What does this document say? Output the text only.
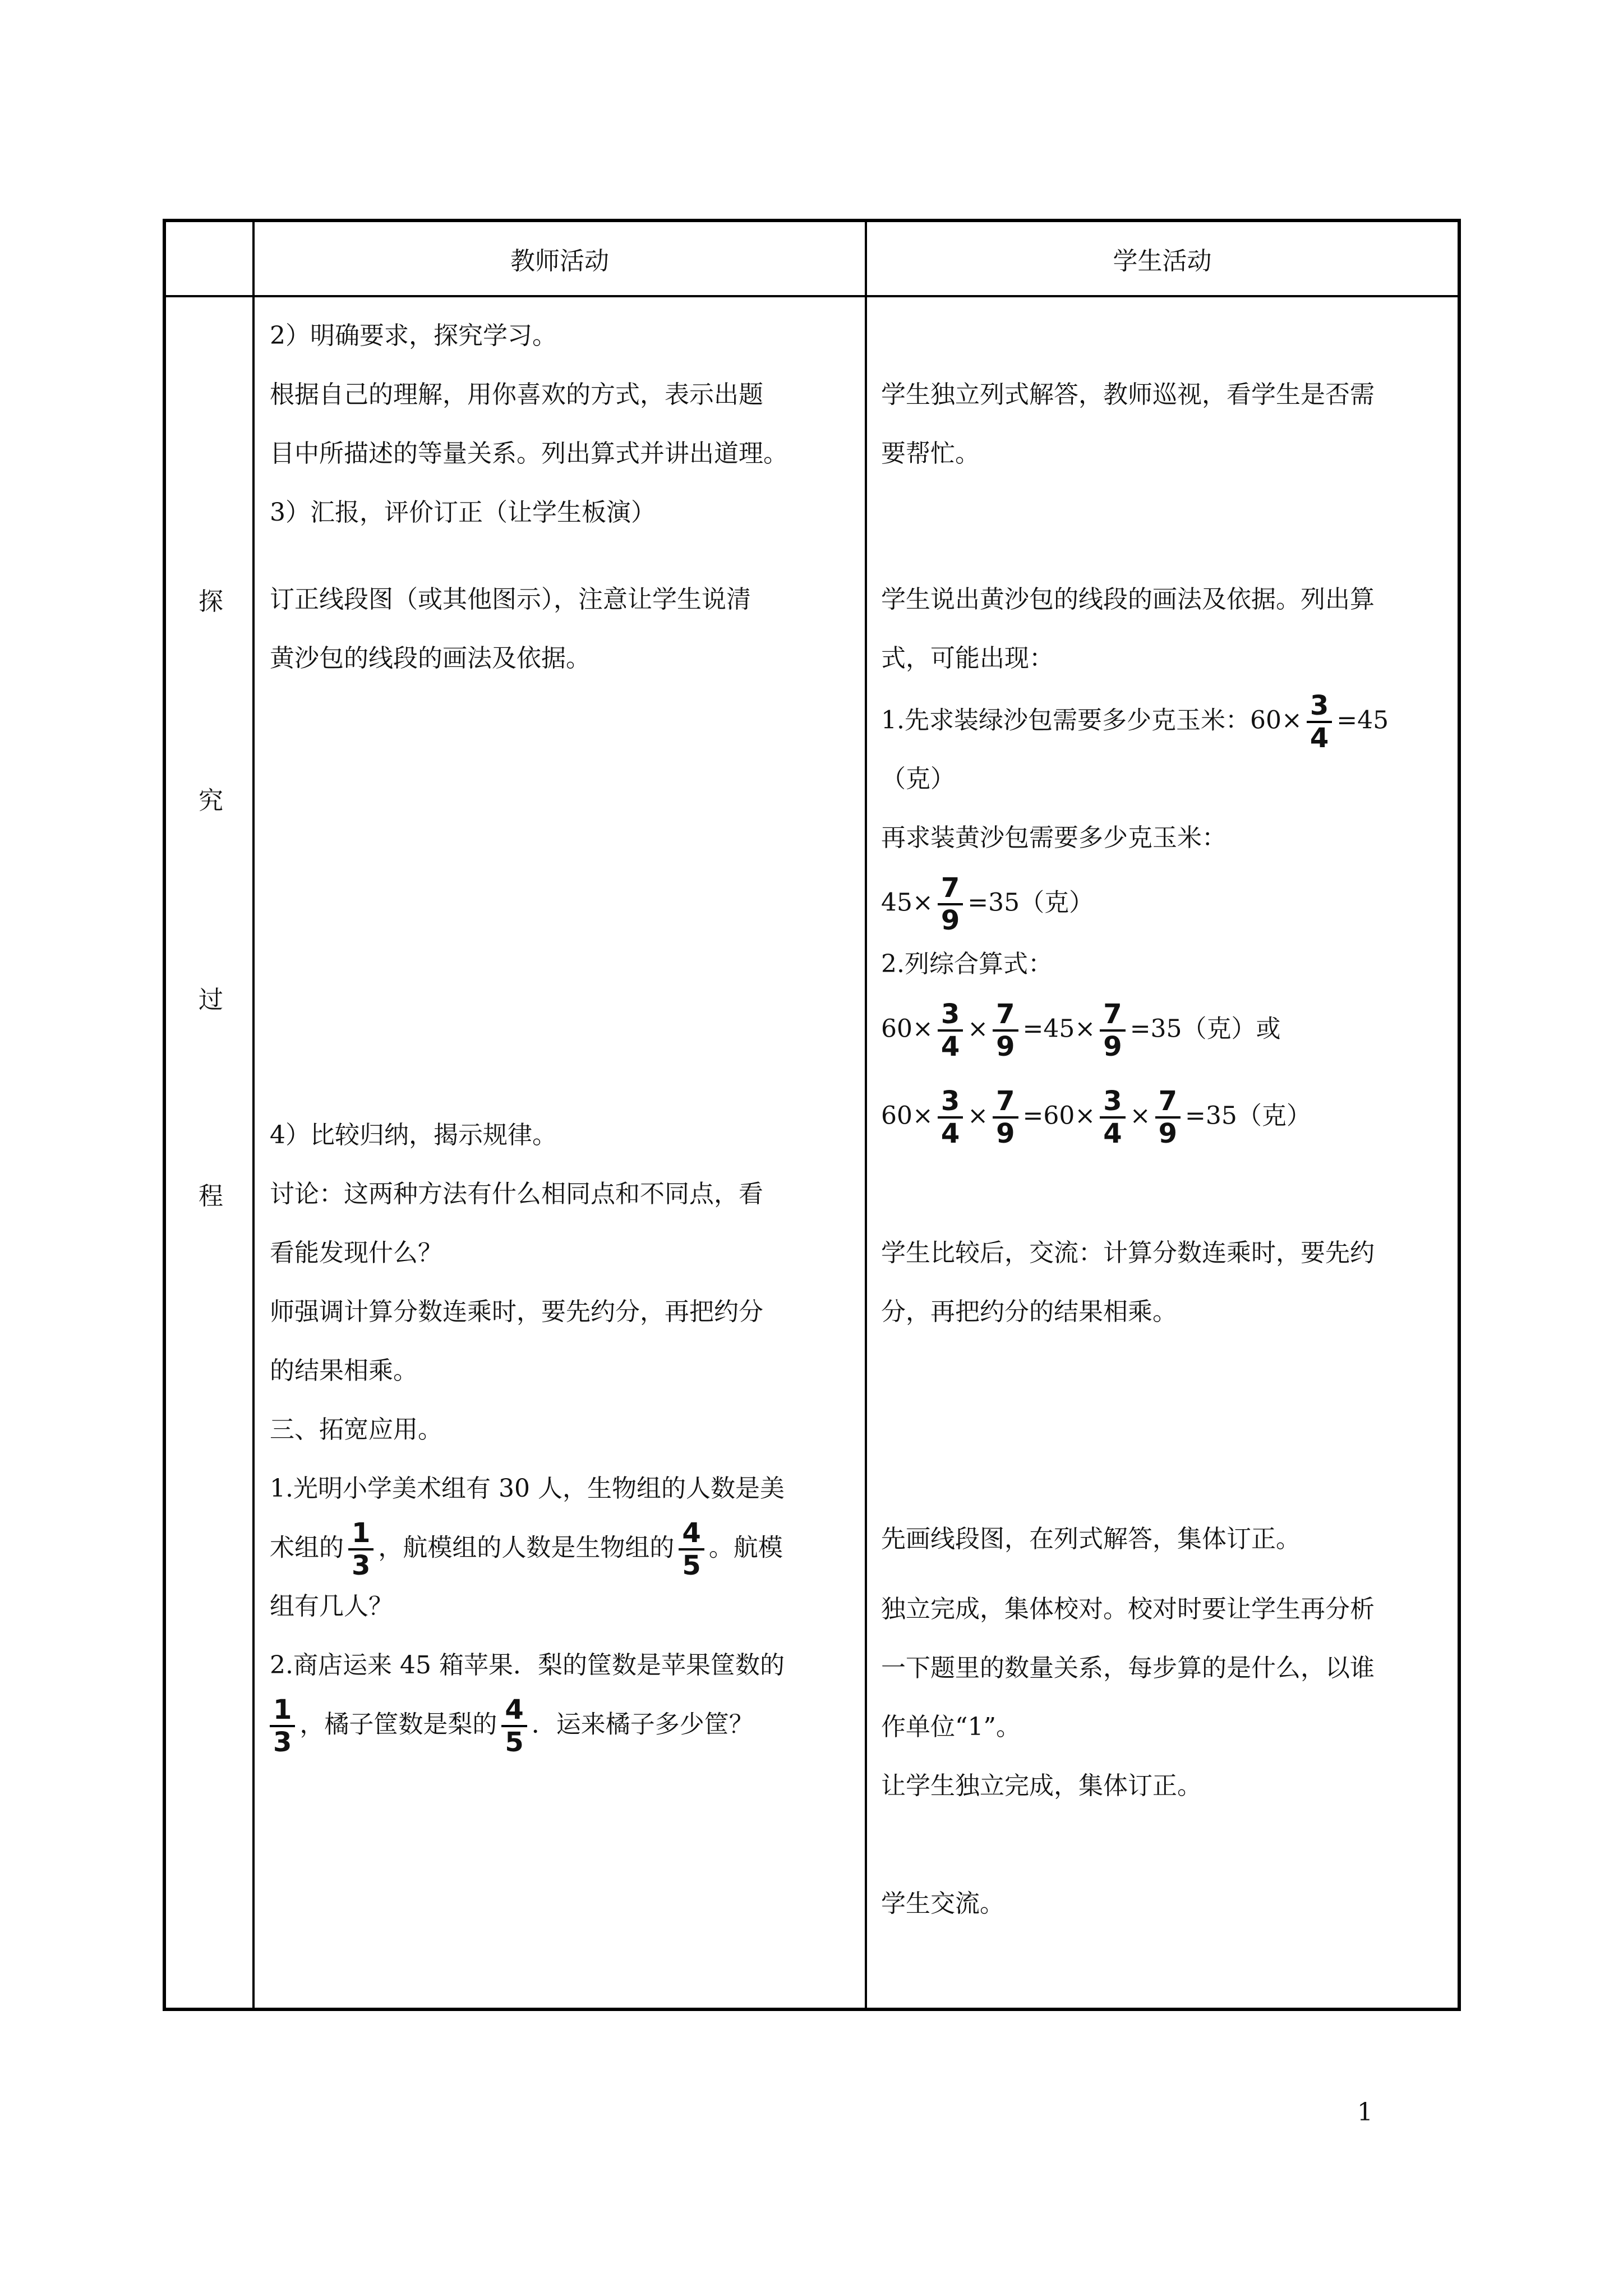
教师活动	学生活动
探
究
过
程
2）明确要求，探究学习。
根据自己的理解，用你喜欢的方式，表示出题
目中所描述的等量关系。列出算式并讲出道理。
3）汇报，评价订正（让学生板演）
订正线段图（或其他图示），注意让学生说清
黄沙包的线段的画法及依据。
4）比较归纳，揭示规律。
讨论：这两种方法有什么相同点和不同点，看
看能发现什么？
师强调计算分数连乘时，要先约分，再把约分
的结果相乘。
三、拓宽应用。
1.光明小学美术组有 30 人，生物组的人数是美
术组的 $\frac{1}{3}$ ，航模组的人数是生物组的 $\frac{4}{5}$ 。航模
组有几人？
2.商店运来 45 箱苹果．梨的筐数是苹果筐数的
$\frac{1}{3}$ ，橘子筐数是梨的 $\frac{4}{5}$ ．运来橘子多少筐？
学生独立列式解答，教师巡视，看学生是否需
要帮忙。
学生说出黄沙包的线段的画法及依据。列出算
式，可能出现：
1.先求装绿沙包需要多少克玉米：$60\times \frac{3}{4} =45$
（克）
再求装黄沙包需要多少克玉米：
$45\times \frac{7}{9} =35$（克）
2.列综合算式：
$60\times \frac{3}{4} \times \frac{7}{9} =45\times \frac{7}{9} =35$（克）或
$60\times \frac{3}{4} \times \frac{7}{9} =60\times \frac{3}{4} \times \frac{7}{9} =35$（克）
学生比较后，交流：计算分数连乘时，要先约
分，再把约分的结果相乘。
先画线段图，在列式解答，集体订正。
独立完成，集体校对。校对时要让学生再分析
一下题里的数量关系，每步算的是什么，以谁
作单位“1”。
让学生独立完成，集体订正。
学生交流。
1
